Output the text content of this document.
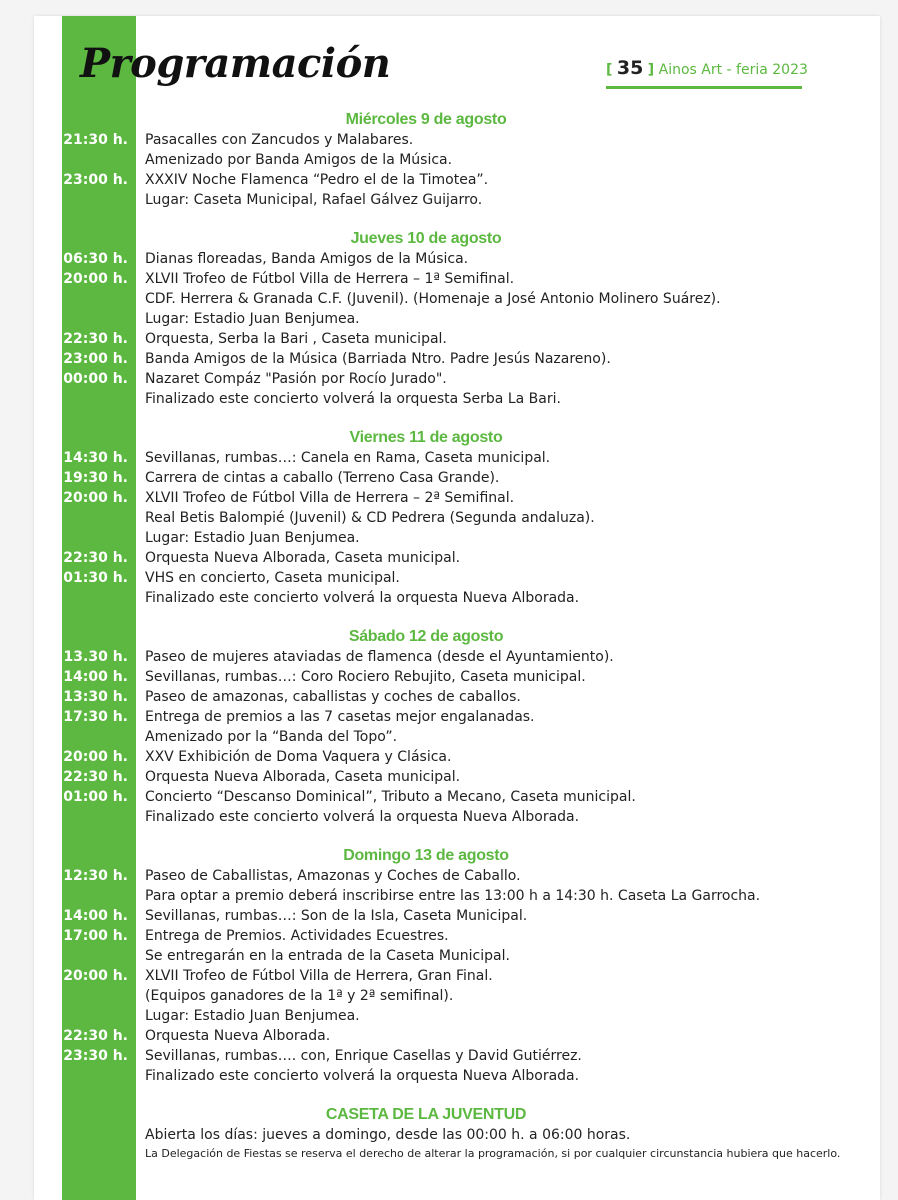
Programación	[ 35 ] Ainos Art - feria 2023
Miércoles 9 de agosto
21:30 h.	Pasacalles con Zancudos y Malabares.
Amenizado por Banda Amigos de la Música.
23:00 h.	XXXIV Noche Flamenca “Pedro el de la Timotea”.
Lugar: Caseta Municipal, Rafael Gálvez Guijarro.
Jueves 10 de agosto
06:30 h.	Dianas floreadas, Banda Amigos de la Música.
20:00 h.	XLVII Trofeo de Fútbol Villa de Herrera – 1ª Semifinal.
CDF. Herrera & Granada C.F. (Juvenil). (Homenaje a José Antonio Molinero Suárez).
Lugar: Estadio Juan Benjumea.
22:30 h.	Orquesta, Serba la Bari , Caseta municipal.
23:00 h.	Banda Amigos de la Música (Barriada Ntro. Padre Jesús Nazareno).
00:00 h.	Nazaret Compáz "Pasión por Rocío Jurado".
Finalizado este concierto volverá la orquesta Serba La Bari.
Viernes 11 de agosto
14:30 h.	Sevillanas, rumbas…: Canela en Rama, Caseta municipal.
19:30 h.	Carrera de cintas a caballo (Terreno Casa Grande).
20:00 h.	XLVII Trofeo de Fútbol Villa de Herrera – 2ª Semifinal.
Real Betis Balompié (Juvenil) & CD Pedrera (Segunda andaluza).
Lugar: Estadio Juan Benjumea.
22:30 h.	Orquesta Nueva Alborada, Caseta municipal.
01:30 h.	VHS en concierto, Caseta municipal.
Finalizado este concierto volverá la orquesta Nueva Alborada.
Sábado 12 de agosto
13.30 h.	Paseo de mujeres ataviadas de flamenca (desde el Ayuntamiento).
14:00 h.	Sevillanas, rumbas…: Coro Rociero Rebujito, Caseta municipal.
13:30 h.	Paseo de amazonas, caballistas y coches de caballos.
17:30 h.	Entrega de premios a las 7 casetas mejor engalanadas.
Amenizado por la “Banda del Topo”.
20:00 h.	XXV Exhibición de Doma Vaquera y Clásica.
22:30 h.	Orquesta Nueva Alborada, Caseta municipal.
01:00 h.	Concierto “Descanso Dominical”, Tributo a Mecano, Caseta municipal.
Finalizado este concierto volverá la orquesta Nueva Alborada.
Domingo 13 de agosto
12:30 h.	Paseo de Caballistas, Amazonas y Coches de Caballo.
Para optar a premio deberá inscribirse entre las 13:00 h a 14:30 h. Caseta La Garrocha.
14:00 h.	Sevillanas, rumbas…: Son de la Isla, Caseta Municipal.
17:00 h.	Entrega de Premios. Actividades Ecuestres.
Se entregarán en la entrada de la Caseta Municipal.
20:00 h.	XLVII Trofeo de Fútbol Villa de Herrera, Gran Final.
(Equipos ganadores de la 1ª y 2ª semifinal).
Lugar: Estadio Juan Benjumea.
22:30 h.	Orquesta Nueva Alborada.
23:30 h.	Sevillanas, rumbas…. con, Enrique Casellas y David Gutiérrez.
Finalizado este concierto volverá la orquesta Nueva Alborada.
CASETA DE LA JUVENTUD
Abierta los días: jueves a domingo, desde las 00:00 h. a 06:00 horas.
La Delegación de Fiestas se reserva el derecho de alterar la programación, si por cualquier circunstancia hubiera que hacerlo.
